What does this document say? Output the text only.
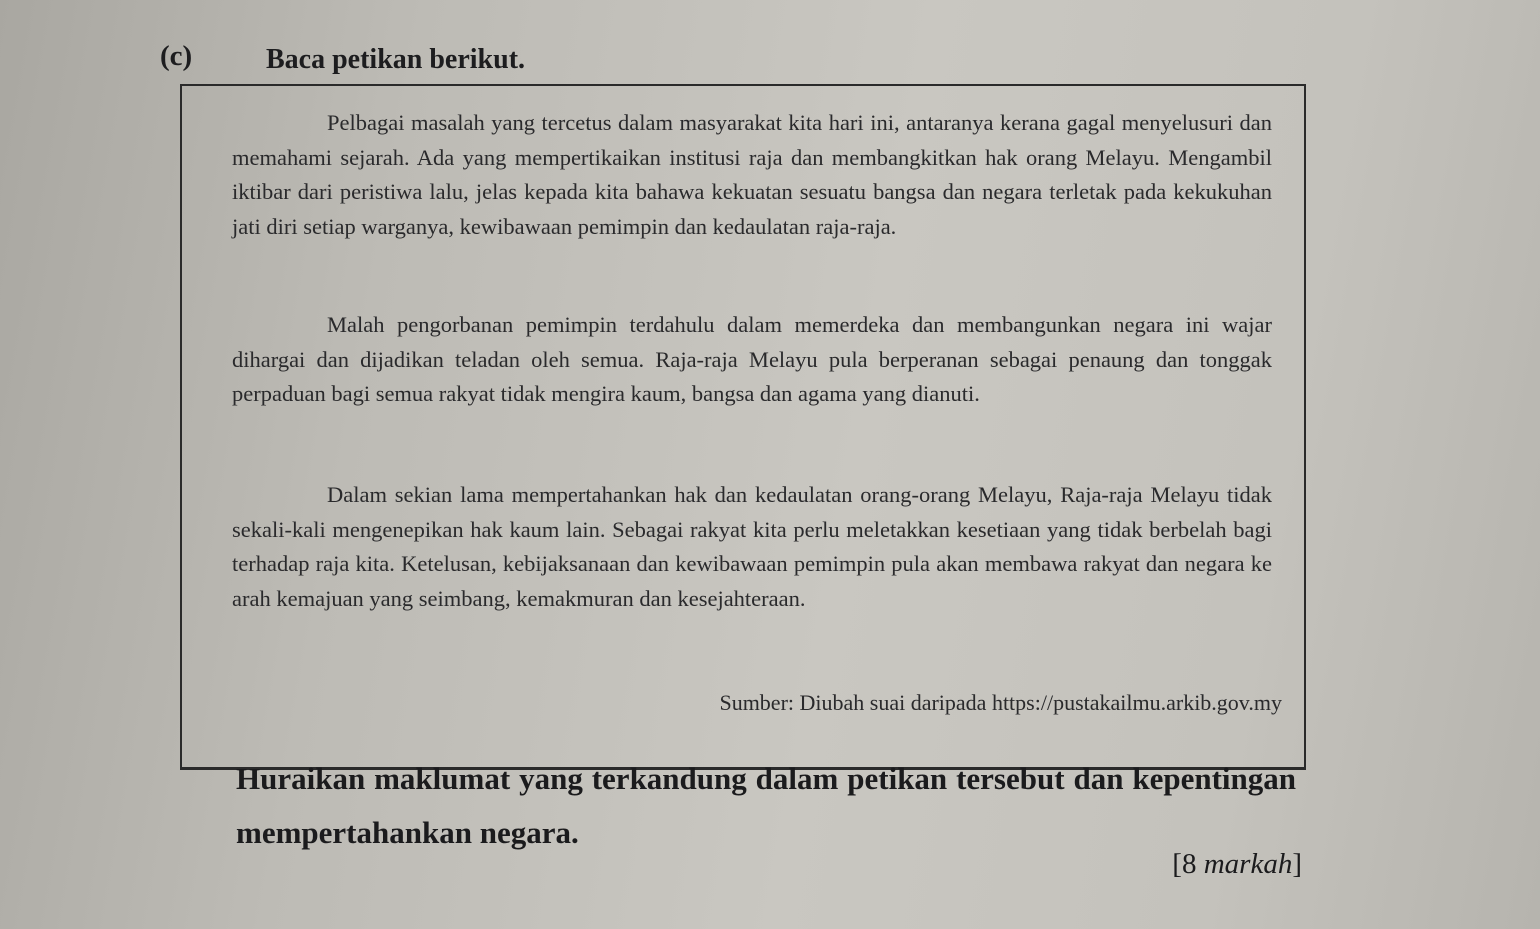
(c)	Baca petikan berikut.
Pelbagai masalah yang tercetus dalam masyarakat kita hari ini, antaranya kerana gagal menyelusuri dan memahami sejarah. Ada yang mempertikaikan institusi raja dan membangkitkan hak orang Melayu. Mengambil iktibar dari peristiwa lalu, jelas kepada kita bahawa kekuatan sesuatu bangsa dan negara terletak pada kekukuhan jati diri setiap warganya, kewibawaan pemimpin dan kedaulatan raja-raja.
Malah pengorbanan pemimpin terdahulu dalam memerdeka dan membangunkan negara ini wajar dihargai dan dijadikan teladan oleh semua. Raja-raja Melayu pula berperanan sebagai penaung dan tonggak perpaduan bagi semua rakyat tidak mengira kaum, bangsa dan agama yang dianuti.
Dalam sekian lama mempertahankan hak dan kedaulatan orang-orang Melayu, Raja-raja Melayu tidak sekali-kali mengenepikan hak kaum lain. Sebagai rakyat kita perlu meletakkan kesetiaan yang tidak berbelah bagi terhadap raja kita. Ketelusan, kebijaksanaan dan kewibawaan pemimpin pula akan membawa rakyat dan negara ke arah kemajuan yang seimbang, kemakmuran dan kesejahteraan.
Sumber: Diubah suai daripada https://pustakailmu.arkib.gov.my
Huraikan maklumat yang terkandung dalam petikan tersebut dan kepentingan mempertahankan negara.
[8 markah]
